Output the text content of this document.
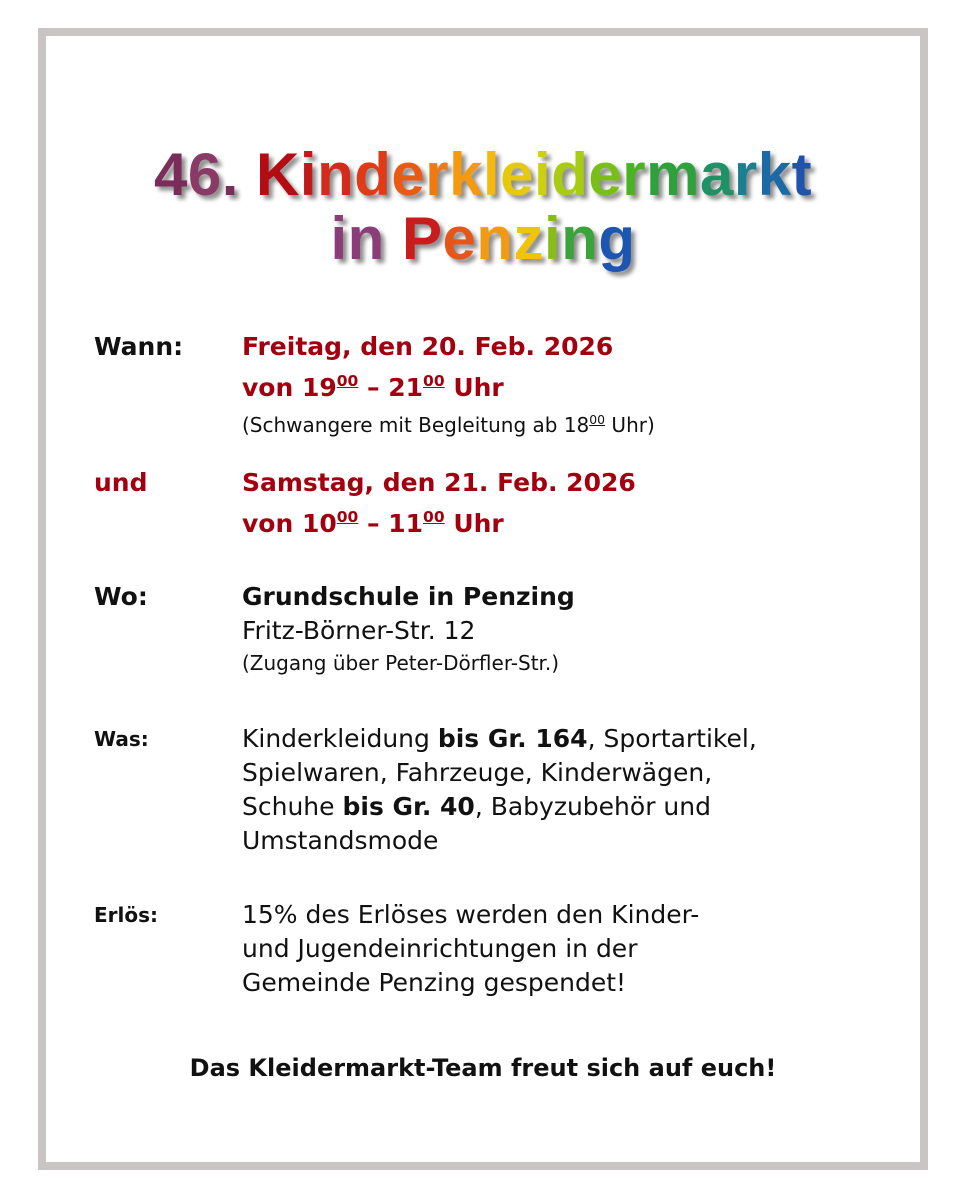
46. Kinderkleidermarkt
in Penzing
Wann: Freitag, den 20. Feb. 2026
von $19^{00} - 21^{00}$ Uhr
(Schwangere mit Begleitung ab $18^{00}$ Uhr)
und	Samstag, den 21. Feb. 2026
von $10^{00} - 11^{00}$ Uhr
Wo:	Grundschule in Penzing
Fritz-Börner-Str. 12
(Zugang über Peter-Dörfler-Str.)
Was:	Kinderkleidung bis Gr. 164, Sportartikel,
Spielwaren, Fahrzeuge, Kinderwägen,
Schuhe bis Gr. 40, Babyzubehör und
Umstandsmode
Erlös:	15% des Erlöses werden den Kinder-
und Jugendeinrichtungen in der
Gemeinde Penzing gespendet!
Das Kleidermarkt-Team freut sich auf euch!
